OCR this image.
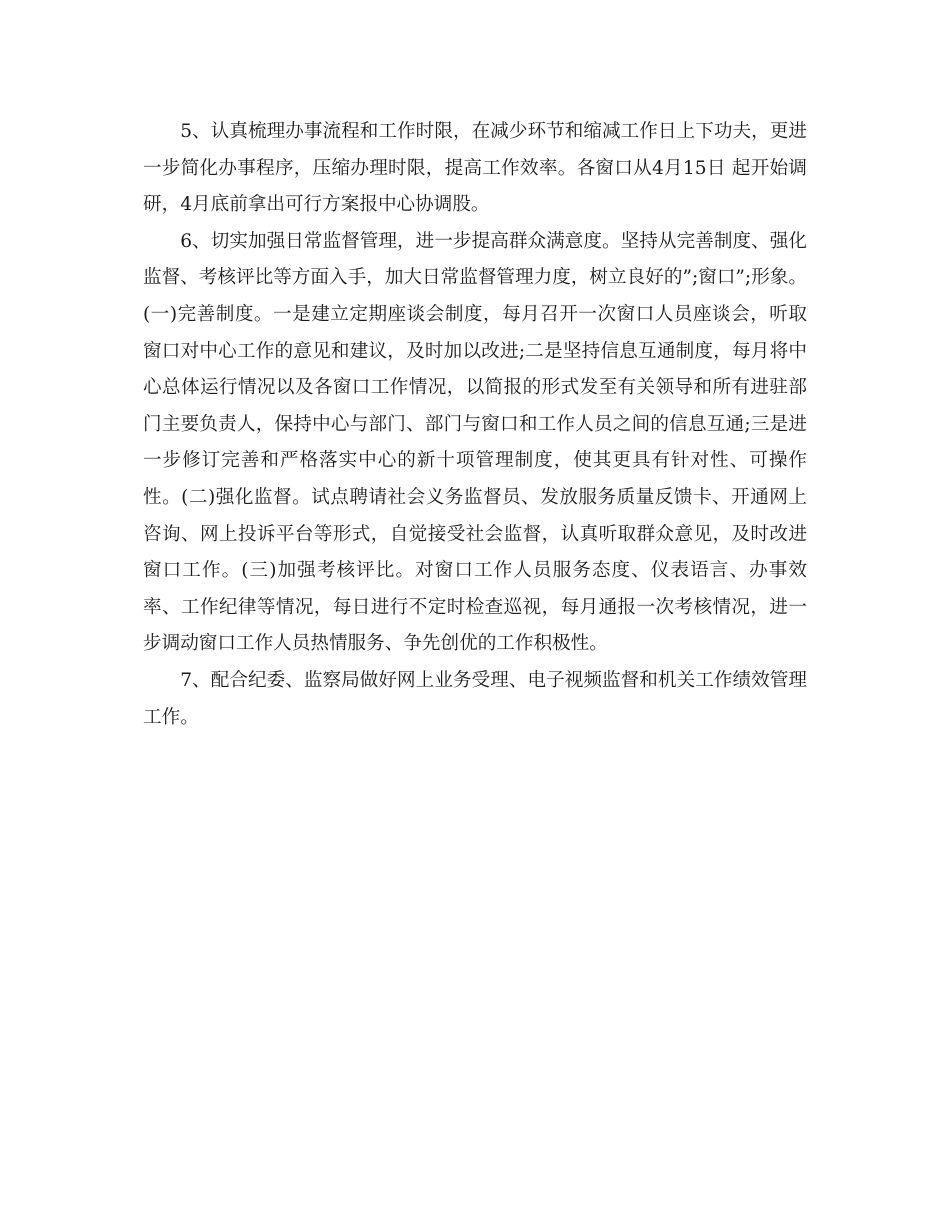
5、认真梳理办事流程和工作时限，在减少环节和缩减工作日上下功夫，更进一步简化办事程序，压缩办理时限，提高工作效率。各窗口从4月15日 起开始调研，4月底前拿出可行方案报中心协调股。

6、切实加强日常监督管理，进一步提高群众满意度。坚持从完善制度、强化监督、考核评比等方面入手，加大日常监督管理力度，树立良好的”;窗口”;形象。(一)完善制度。一是建立定期座谈会制度，每月召开一次窗口人员座谈会，听取窗口对中心工作的意见和建议，及时加以改进;二是坚持信息互通制度，每月将中心总体运行情况以及各窗口工作情况，以简报的形式发至有关领导和所有进驻部门主要负责人，保持中心与部门、部门与窗口和工作人员之间的信息互通;三是进一步修订完善和严格落实中心的新十项管理制度，使其更具有针对性、可操作性。(二)强化监督。试点聘请社会义务监督员、发放服务质量反馈卡、开通网上咨询、网上投诉平台等形式，自觉接受社会监督，认真听取群众意见，及时改进窗口工作。(三)加强考核评比。对窗口工作人员服务态度、仪表语言、办事效率、工作纪律等情况，每日进行不定时检查巡视，每月通报一次考核情况，进一步调动窗口工作人员热情服务、争先创优的工作积极性。

7、配合纪委、监察局做好网上业务受理、电子视频监督和机关工作绩效管理工作。
